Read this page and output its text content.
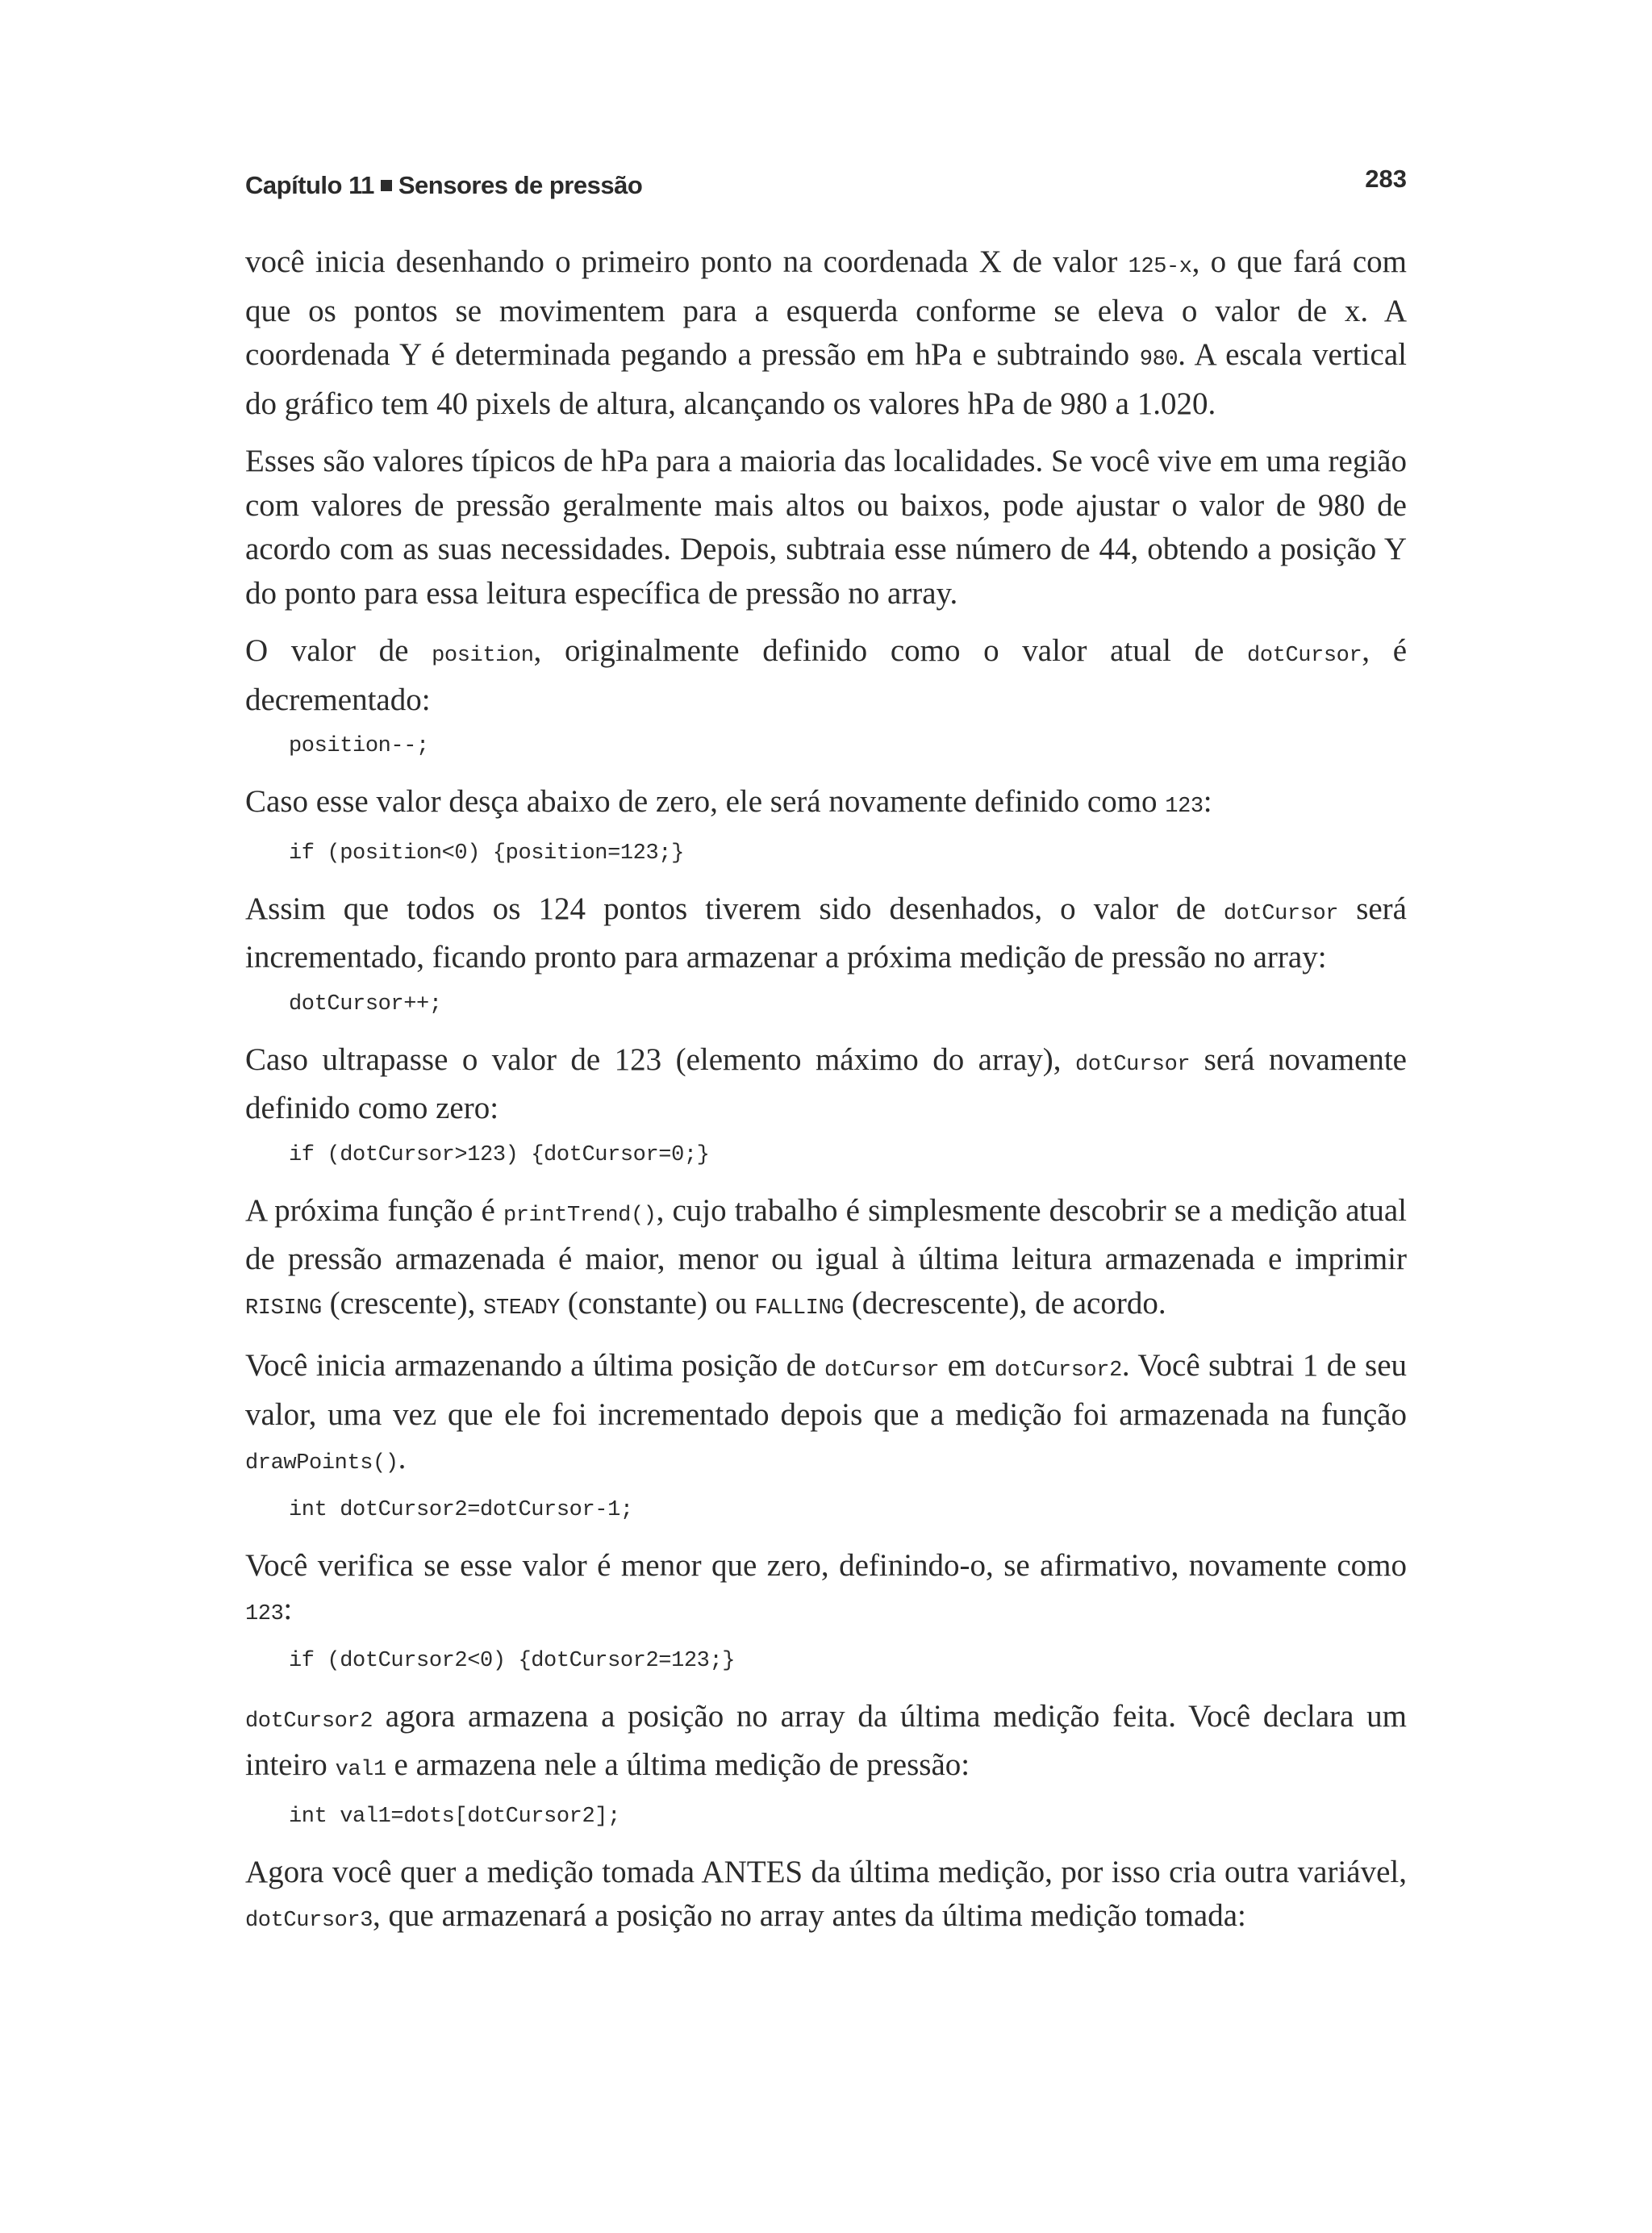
Capítulo 11 Sensores de pressão	283

você inicia desenhando o primeiro ponto na coordenada X de valor 125-x, o que fará com que os pontos se movimentem para a esquerda conforme se eleva o valor de x. A coordenada Y é determinada pegando a pressão em hPa e subtraindo 980. A escala vertical do gráfico tem 40 pixels de altura, alcançando os valores hPa de 980 a 1.020.

Esses são valores típicos de hPa para a maioria das localidades. Se você vive em uma região com valores de pressão geralmente mais altos ou baixos, pode ajustar o valor de 980 de acordo com as suas necessidades. Depois, subtraia esse número de 44, obtendo a posição Y do ponto para essa leitura específica de pressão no array.

O valor de position, originalmente definido como o valor atual de dotCursor, é decrementado:

position--;

Caso esse valor desça abaixo de zero, ele será novamente definido como 123:

if (position<0) {position=123;}

Assim que todos os 124 pontos tiverem sido desenhados, o valor de dotCursor será incrementado, ficando pronto para armazenar a próxima medição de pressão no array:

dotCursor++;

Caso ultrapasse o valor de 123 (elemento máximo do array), dotCursor será novamente definido como zero:

if (dotCursor>123) {dotCursor=0;}

A próxima função é printTrend(), cujo trabalho é simplesmente descobrir se a medição atual de pressão armazenada é maior, menor ou igual à última leitura armazenada e imprimir RISING (crescente), STEADY (constante) ou FALLING (decrescente), de acordo.

Você inicia armazenando a última posição de dotCursor em dotCursor2. Você subtrai 1 de seu valor, uma vez que ele foi incrementado depois que a medição foi armazenada na função drawPoints().

int dotCursor2=dotCursor-1;

Você verifica se esse valor é menor que zero, definindo-o, se afirmativo, novamente como 123:

if (dotCursor2<0) {dotCursor2=123;}

dotCursor2 agora armazena a posição no array da última medição feita. Você declara um inteiro val1 e armazena nele a última medição de pressão:

int val1=dots[dotCursor2];

Agora você quer a medição tomada ANTES da última medição, por isso cria outra variável, dotCursor3, que armazenará a posição no array antes da última medição tomada:
